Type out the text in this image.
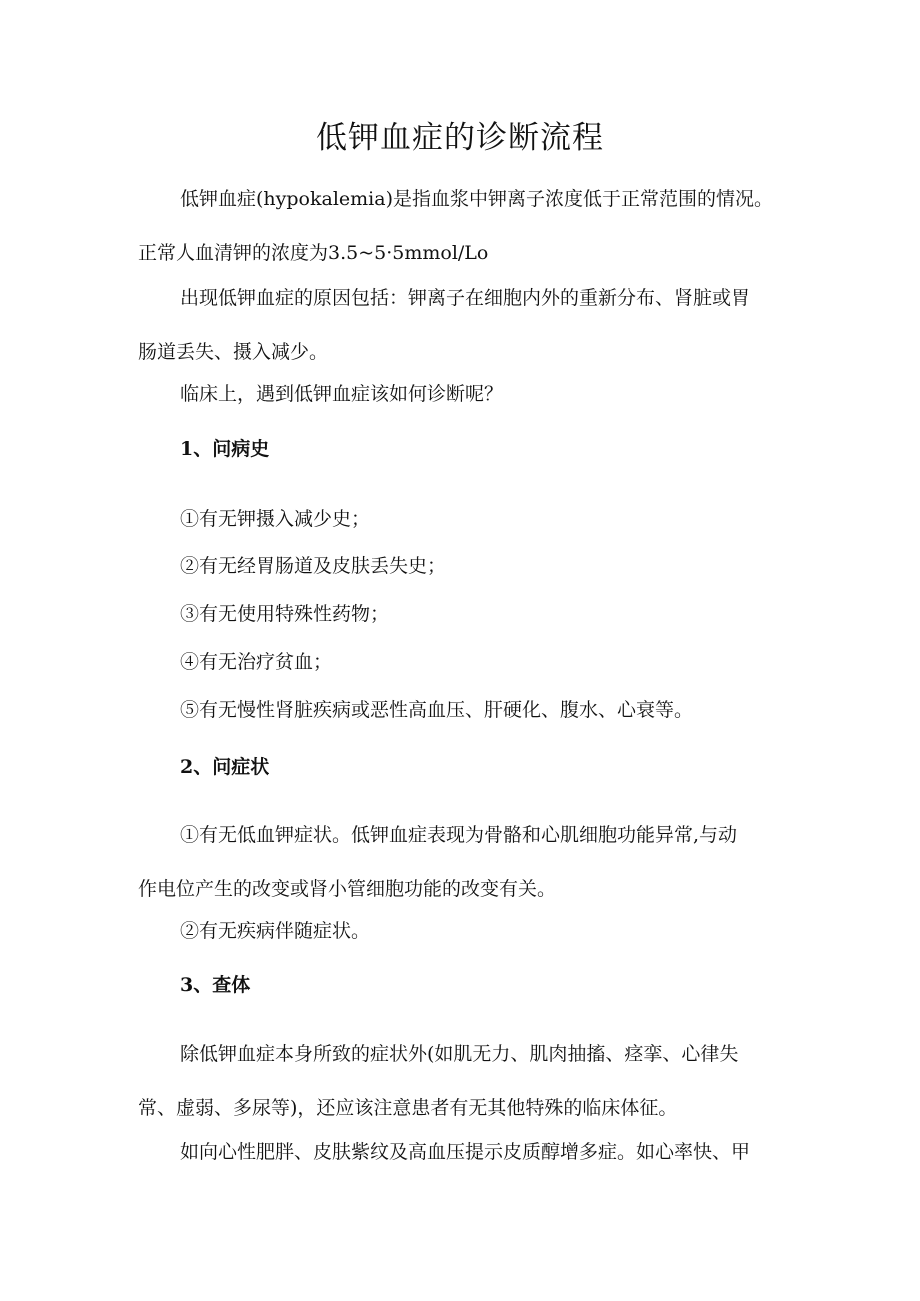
低钾血症的诊断流程
低钾血症(hypokalemia)是指血浆中钾离子浓度低于正常范围的情况。
正常人血清钾的浓度为3.5~5·5mmol/Lo
出现低钾血症的原因包括：钾离子在细胞内外的重新分布、肾脏或胃
肠道丢失、摄入减少。

临床上，遇到低钾血症该如何诊断呢？

1、问病史

①有无钾摄入减少史；

②有无经胃肠道及皮肤丢失史；

③有无使用特殊性药物；

④有无治疗贫血；

⑤有无慢性肾脏疾病或恶性高血压、肝硬化、腹水、心衰等。

2、问症状

①有无低血钾症状。低钾血症表现为骨骼和心肌细胞功能异常,与动
作电位产生的改变或肾小管细胞功能的改变有关。

②有无疾病伴随症状。

3、查体

除低钾血症本身所致的症状外(如肌无力、肌肉抽搐、痉挛、心律失
常、虚弱、多尿等)，还应该注意患者有无其他特殊的临床体征。
如向心性肥胖、皮肤紫纹及高血压提示皮质醇增多症。如心率快、甲
